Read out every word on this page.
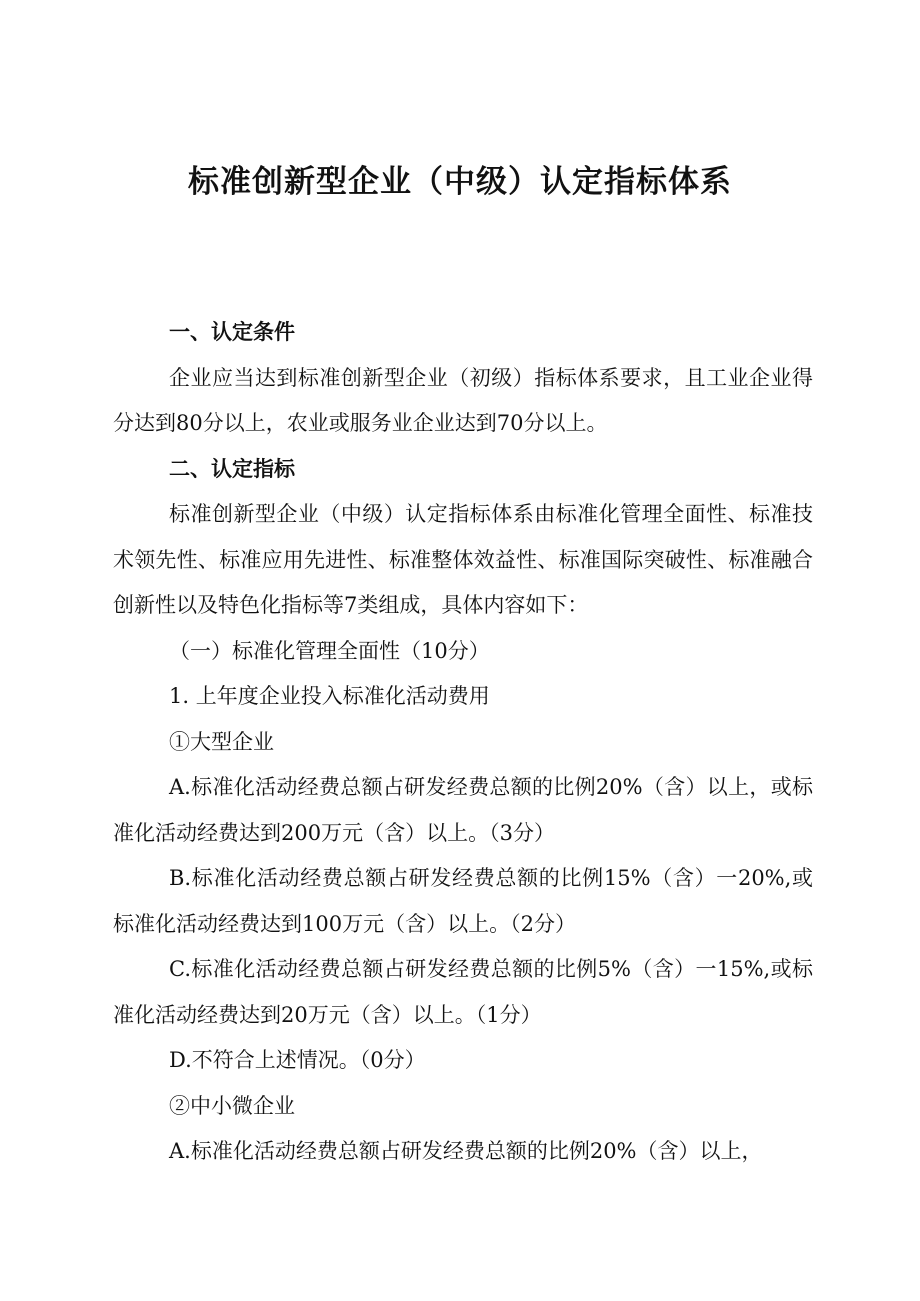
标准创新型企业（中级）认定指标体系

一、认定条件

企业应当达到标准创新型企业（初级）指标体系要求，且工业企业得分达到80分以上，农业或服务业企业达到70分以上。

二、认定指标

标准创新型企业（中级）认定指标体系由标准化管理全面性、标准技术领先性、标准应用先进性、标准整体效益性、标准国际突破性、标准融合创新性以及特色化指标等7类组成，具体内容如下：

（一）标准化管理全面性（10分）

1. 上年度企业投入标准化活动费用

①大型企业

A.标准化活动经费总额占研发经费总额的比例20%（含）以上，或标准化活动经费达到200万元（含）以上。（3分）

B.标准化活动经费总额占研发经费总额的比例15%（含）一20%,或标准化活动经费达到100万元（含）以上。（2分）

C.标准化活动经费总额占研发经费总额的比例5%（含）一15%,或标准化活动经费达到20万元（含）以上。（1分）

D.不符合上述情况。（0分）

②中小微企业

A.标准化活动经费总额占研发经费总额的比例20%（含）以上，
